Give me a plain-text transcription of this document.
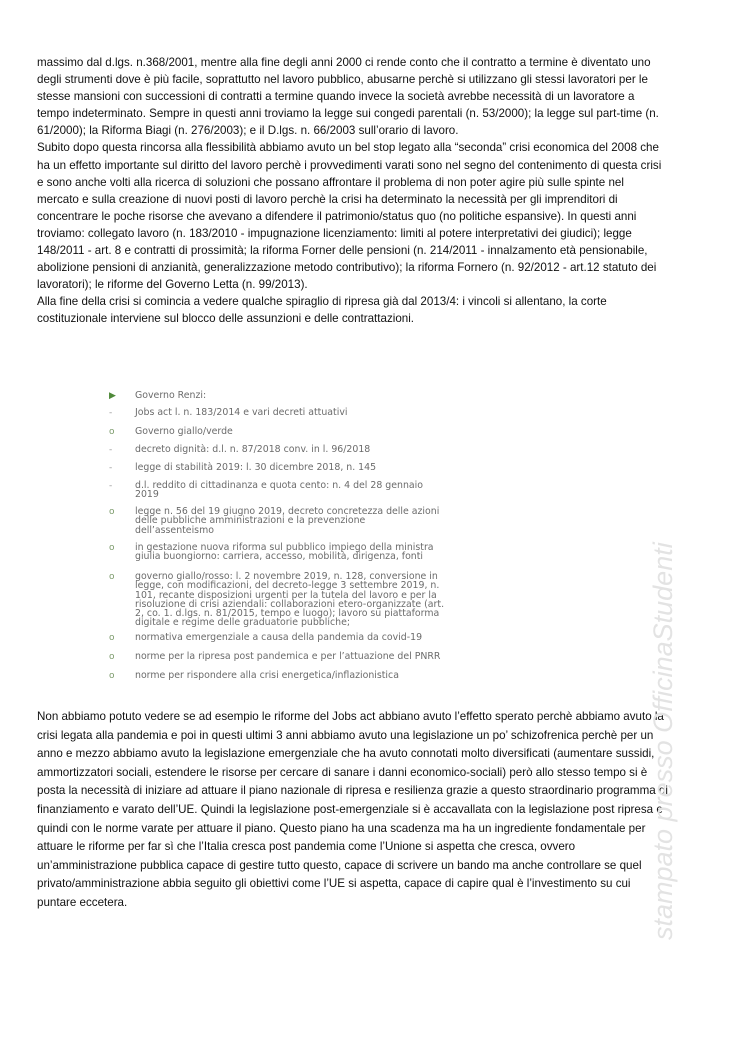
massimo dal d.lgs. n.368/2001, mentre alla fine degli anni 2000 ci rende conto che il contratto a termine è diventato uno
degli strumenti dove è più facile, soprattutto nel lavoro pubblico, abusarne perchè si utilizzano gli stessi lavoratori per le
stesse mansioni con successioni di contratti a termine quando invece la società avrebbe necessità di un lavoratore a
tempo indeterminato. Sempre in questi anni troviamo la legge sui congedi parentali (n. 53/2000); la legge sul part-time (n.
61/2000); la Riforma Biagi (n. 276/2003); e il D.lgs. n. 66/2003 sull’orario di lavoro.
Subito dopo questa rincorsa alla flessibilità abbiamo avuto un bel stop legato alla “seconda” crisi economica del 2008 che
ha un effetto importante sul diritto del lavoro perchè i provvedimenti varati sono nel segno del contenimento di questa crisi
e sono anche volti alla ricerca di soluzioni che possano affrontare il problema di non poter agire più sulle spinte nel
mercato e sulla creazione di nuovi posti di lavoro perchè la crisi ha determinato la necessità per gli imprenditori di
concentrare le poche risorse che avevano a difendere il patrimonio/status quo (no politiche espansive). In questi anni
troviamo: collegato lavoro (n. 183/2010 - impugnazione licenziamento: limiti al potere interpretativi dei giudici); legge
148/2011 - art. 8 e contratti di prossimità; la riforma Forner delle pensioni (n. 214/2011 - innalzamento età pensionabile,
abolizione pensioni di anzianità, generalizzazione metodo contributivo); la riforma Fornero (n. 92/2012 - art.12 statuto dei
lavoratori); le riforme del Governo Letta (n. 99/2013).
Alla fine della crisi si comincia a vedere qualche spiraglio di ripresa già dal 2013/4: i vincoli si allentano, la corte
costituzionale interviene sul blocco delle assunzioni e delle contrattazioni.
▶	Governo Renzi:
-	Jobs act l. n. 183/2014 e vari decreti attuativi
o	Governo giallo/verde
-	decreto dignità: d.l. n. 87/2018 conv. in l. 96/2018
-	legge di stabilità 2019: l. 30 dicembre 2018, n. 145
-	d.l. reddito di cittadinanza e quota cento: n. 4 del 28 gennaio
2019
o	legge n. 56 del 19 giugno 2019, decreto concretezza delle azioni
delle pubbliche amministrazioni e la prevenzione
dell’assenteismo
o	in gestazione nuova riforma sul pubblico impiego della ministra
giulia buongiorno: carriera, accesso, mobilità, dirigenza, fonti
o	governo giallo/rosso: l. 2 novembre 2019, n. 128, conversione in
legge, con modificazioni, del decreto-legge 3 settembre 2019, n.
101, recante disposizioni urgenti per la tutela del lavoro e per la
risoluzione di crisi aziendali: collaborazioni etero-organizzate (art.
2, co. 1. d.lgs. n. 81/2015, tempo e luogo); lavoro su piattaforma
digitale e regime delle graduatorie pubbliche;
o	normativa emergenziale a causa della pandemia da covid-19
o	norme per la ripresa post pandemica e per l’attuazione del PNRR
o	norme per rispondere alla crisi energetica/inflazionistica
Non abbiamo potuto vedere se ad esempio le riforme del Jobs act abbiano avuto l’effetto sperato perchè abbiamo avuto la
crisi legata alla pandemia e poi in questi ultimi 3 anni abbiamo avuto una legislazione un po’ schizofrenica perchè per un
anno e mezzo abbiamo avuto la legislazione emergenziale che ha avuto connotati molto diversificati (aumentare sussidi,
ammortizzatori sociali, estendere le risorse per cercare di sanare i danni economico-sociali) però allo stesso tempo si è
posta la necessità di iniziare ad attuare il piano nazionale di ripresa e resilienza grazie a questo straordinario programma di
finanziamento e varato dell’UE. Quindi la legislazione post-emergenziale si è accavallata con la legislazione post ripresa e
quindi con le norme varate per attuare il piano. Questo piano ha una scadenza ma ha un ingrediente fondamentale per
attuare le riforme per far sì che l’Italia cresca post pandemia come l’Unione si aspetta che cresca, ovvero
un’amministrazione pubblica capace di gestire tutto questo, capace di scrivere un bando ma anche controllare se quel
privato/amministrazione abbia seguito gli obiettivi come l’UE si aspetta, capace di capire qual è l’investimento su cui
puntare eccetera.	stampato presso OfficinaStudenti
